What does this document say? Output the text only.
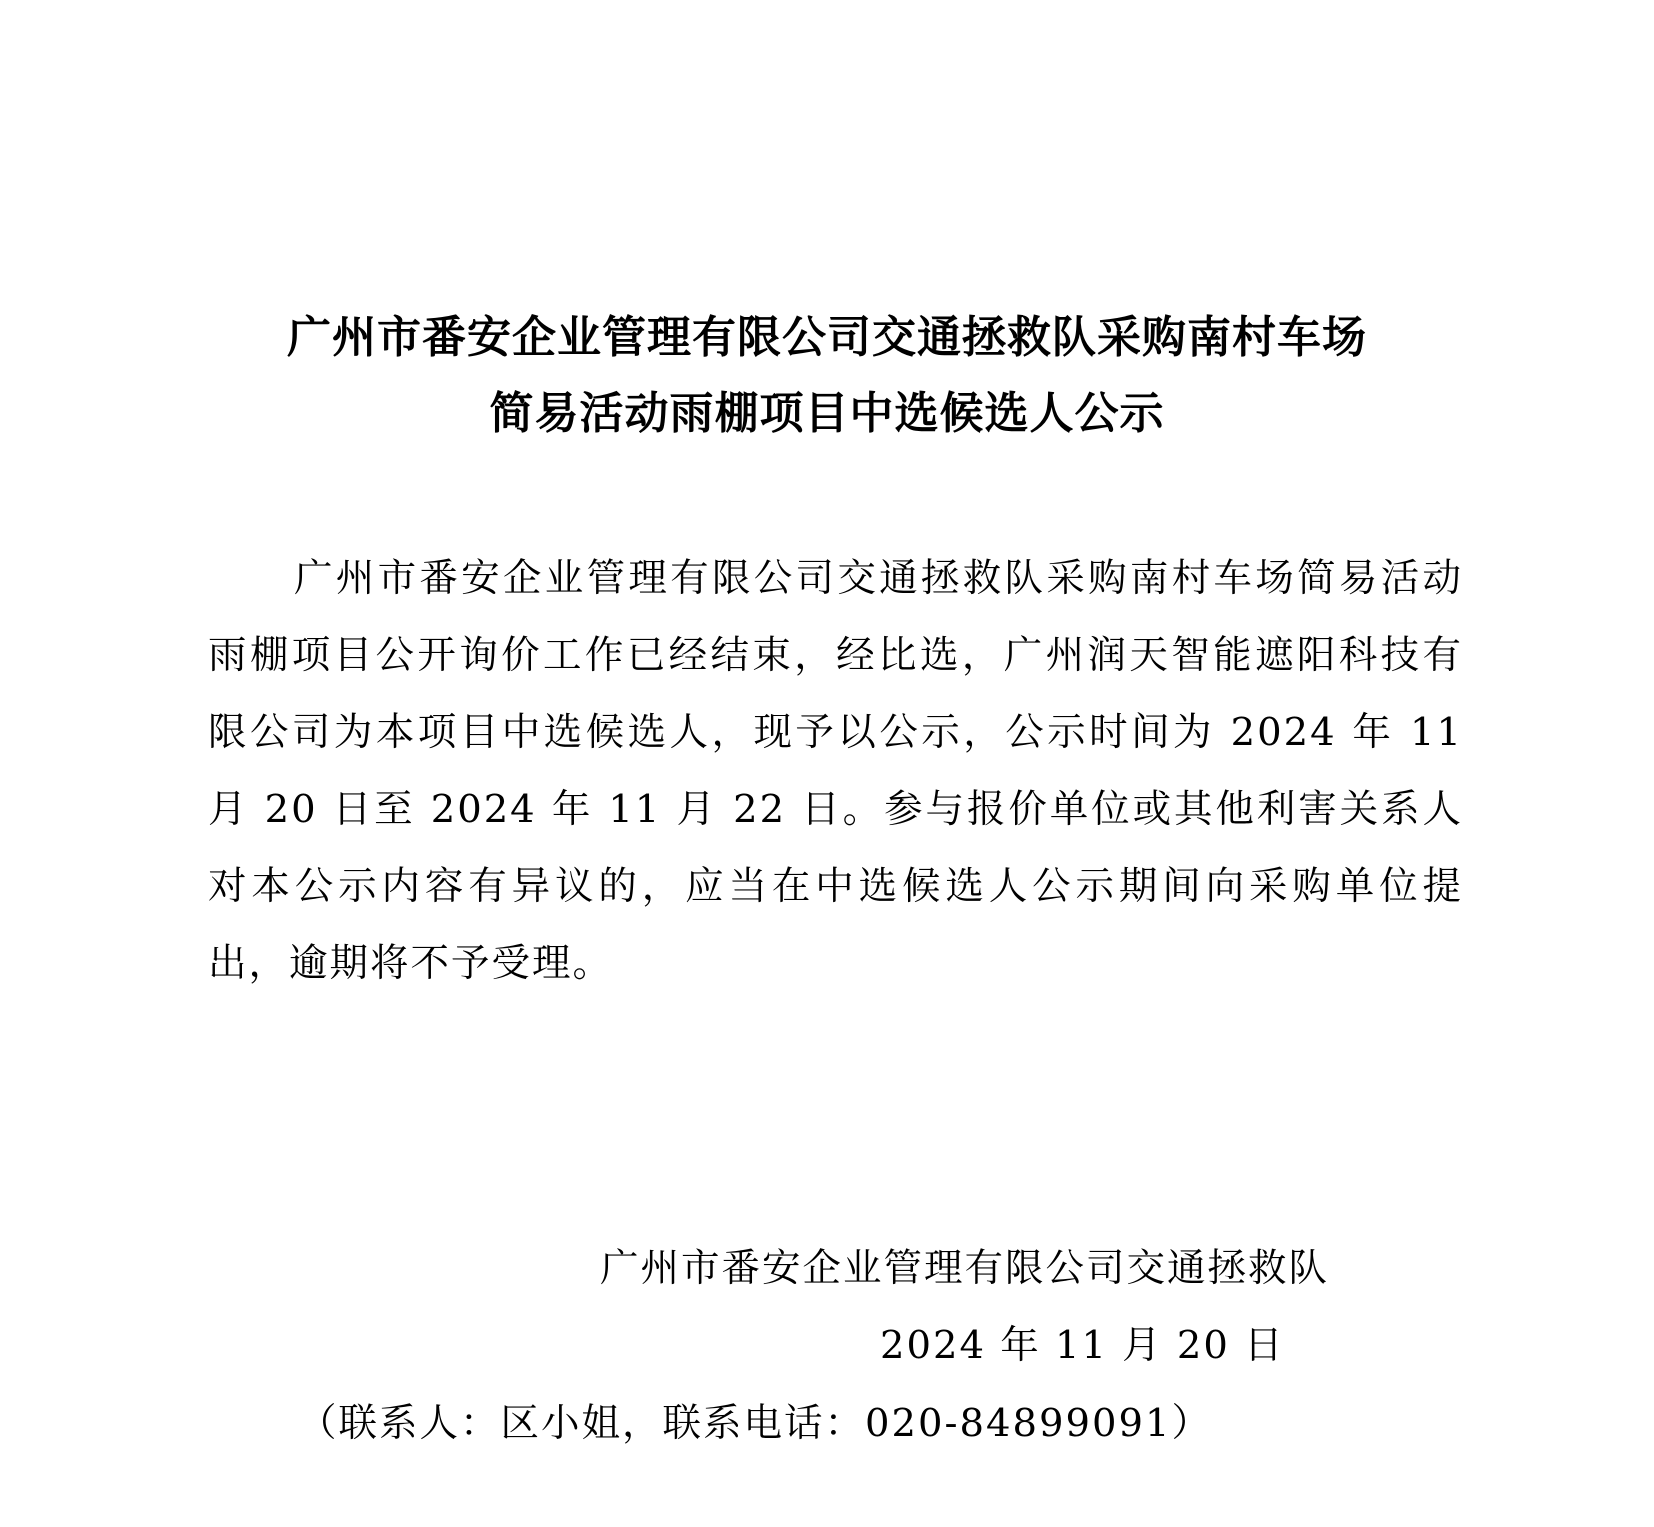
广州市番安企业管理有限公司交通拯救队采购南村车场
简易活动雨棚项目中选候选人公示

广州市番安企业管理有限公司交通拯救队采购南村车场简易活动雨棚项目公开询价工作已经结束，经比选，广州润天智能遮阳科技有限公司为本项目中选候选人，现予以公示，公示时间为 2024 年 11 月 20 日至 2024 年 11 月 22 日。参与报价单位或其他利害关系人对本公示内容有异议的，应当在中选候选人公示期间向采购单位提出，逾期将不予受理。

广州市番安企业管理有限公司交通拯救队
2024 年 11 月 20 日
（联系人：区小姐，联系电话：020-84899091）
